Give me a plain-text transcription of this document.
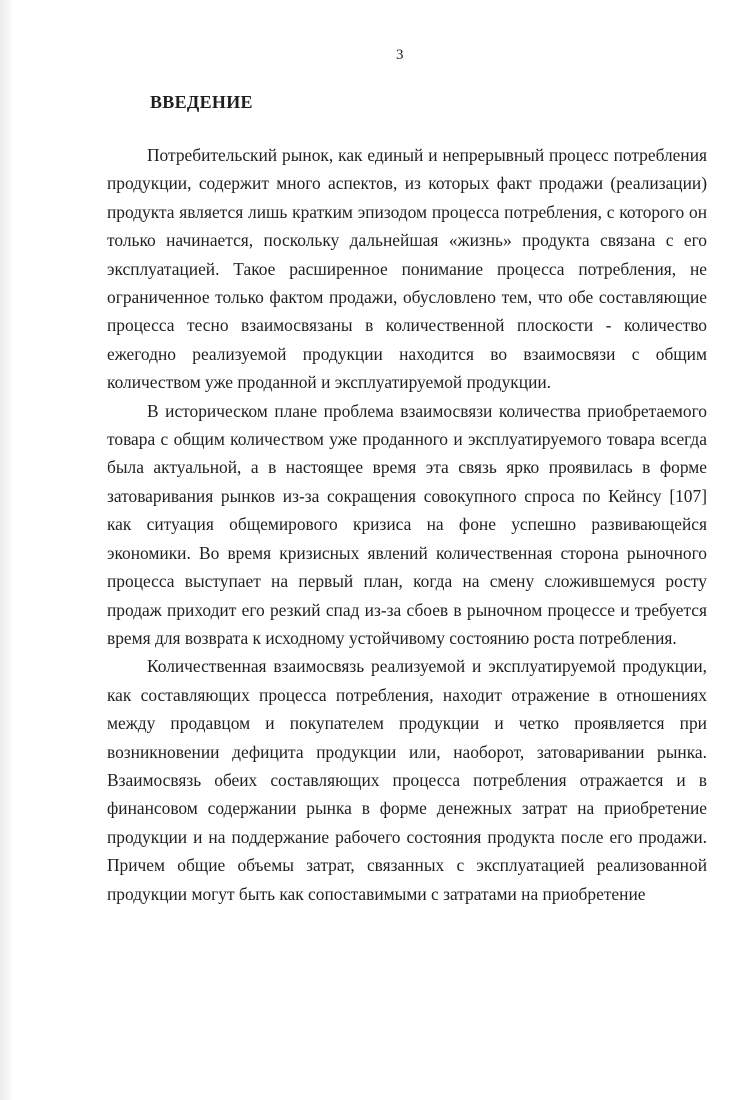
3
ВВЕДЕНИЕ

Потребительский рынок, как единый и непрерывный процесс потребления продукции, содержит много аспектов, из которых факт продажи (реализации) продукта является лишь кратким эпизодом процесса потребления, с которого он только начинается, поскольку дальнейшая «жизнь» продукта связана с его эксплуатацией. Такое расширенное понимание процесса потребления, не ограниченное только фактом продажи, обусловлено тем, что обе составляющие процесса тесно взаимосвязаны в количественной плоскости - количество ежегодно реализуемой продукции находится во взаимосвязи с общим количеством уже проданной и эксплуатируемой продукции.

В историческом плане проблема взаимосвязи количества приобретаемого товара с общим количеством уже проданного и эксплуатируемого товара всегда была актуальной, а в настоящее время эта связь ярко проявилась в форме затоваривания рынков из-за сокращения совокупного спроса по Кейнсу [107] как ситуация общемирового кризиса на фоне успешно развивающейся экономики. Во время кризисных явлений количественная сторона рыночного процесса выступает на первый план, когда на смену сложившемуся росту продаж приходит его резкий спад из-за сбоев в рыночном процессе и требуется время для возврата к исходному устойчивому состоянию роста потребления.

Количественная взаимосвязь реализуемой и эксплуатируемой продукции, как составляющих процесса потребления, находит отражение в отношениях между продавцом и покупателем продукции и четко проявляется при возникновении дефицита продукции или, наоборот, затоваривании рынка. Взаимосвязь обеих составляющих процесса потребления отражается и в финансовом содержании рынка в форме денежных затрат на приобретение продукции и на поддержание рабочего состояния продукта после его продажи. Причем общие объемы затрат, связанных с эксплуатацией реализованной продукции могут быть как сопоставимыми с затратами на приобретение
